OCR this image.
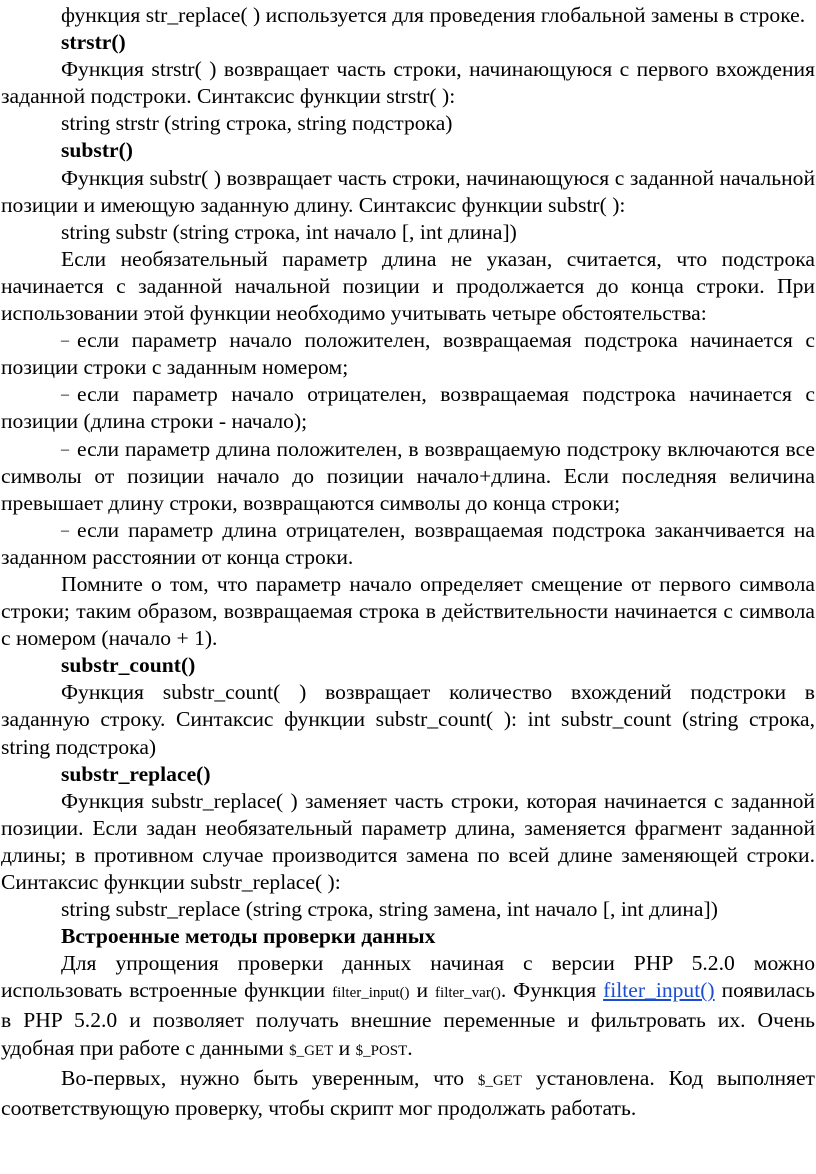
функция str_replace( ) используется для проведения глобальной замены в строке.

strstr()

Функция strstr( ) возвращает часть строки, начинающуюся с первого вхождения заданной подстроки. Синтаксис функции strstr( ):

string strstr (string строка, string подстрока)

substr()

Функция substr( ) возвращает часть строки, начинающуюся с заданной начальной позиции и имеющую заданную длину. Синтаксис функции substr( ):

string substr (string строка, int начало [, int длина])

Если необязательный параметр длина не указан, считается, что подстрока начинается с заданной начальной позиции и продолжается до конца строки. При использовании этой функции необходимо учитывать четыре обстоятельства:

– если параметр начало положителен, возвращаемая подстрока начинается с позиции строки с заданным номером;

– если параметр начало отрицателен, возвращаемая подстрока начинается с позиции (длина строки - начало);

– если параметр длина положителен, в возвращаемую подстроку включаются все символы от позиции начало до позиции начало+длина. Если последняя величина превышает длину строки, возвращаются символы до конца строки;

– если параметр длина отрицателен, возвращаемая подстрока заканчивается на заданном расстоянии от конца строки.

Помните о том, что параметр начало определяет смещение от первого символа строки; таким образом, возвращаемая строка в действительности начинается с символа с номером (начало + 1).

substr_count()

Функция substr_count( ) возвращает количество вхождений подстроки в заданную строку. Синтаксис функции substr_count( ): int substr_count (string строка, string подстрока)

substr_replace()

Функция substr_replace( ) заменяет часть строки, которая начинается с заданной позиции. Если задан необязательный параметр длина, заменяется фрагмент заданной длины; в противном случае производится замена по всей длине заменяющей строки. Синтаксис функции substr_replace( ):

string substr_replace (string строка, string замена, int начало [, int длина])

Встроенные методы проверки данных

Для упрощения проверки данных начиная с версии PHP 5.2.0 можно использовать встроенные функции filter_input() и filter_var(). Функция filter_input() появилась в PHP 5.2.0 и позволяет получать внешние переменные и фильтровать их. Очень удобная при работе с данными $_GET и $_POST.

Во-первых, нужно быть уверенным, что $_GET установлена. Код выполняет соответствующую проверку, чтобы скрипт мог продолжать работать.
